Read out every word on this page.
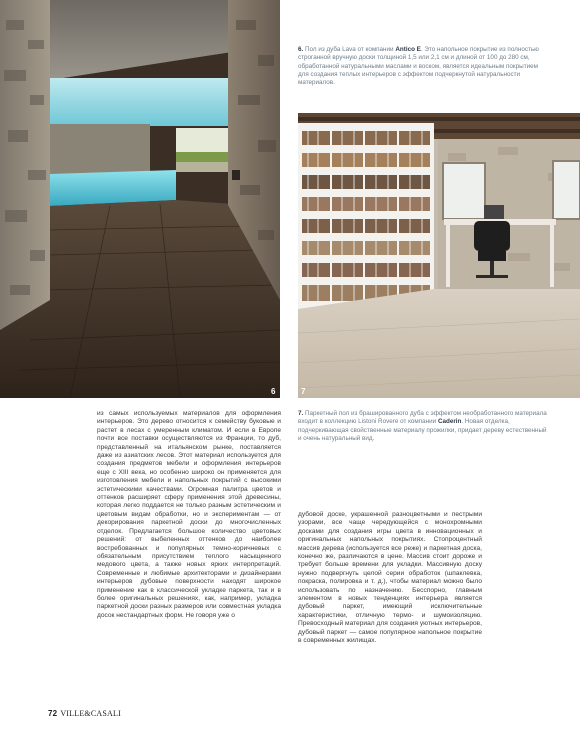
6
6. Пол из дуба Lava от компании Antico E. Это напольное покрытие из полностью строганной вручную доски толщиной 1,5 или 2,1 см и длиной от 100 до 280 см, обработанной натуральными маслами и воском, является идеальным покрытием для создания теплых интерьеров с эффектом подчеркнутой натуральности материалов.
7
7. Паркетный пол из брашированного дуба с эффектом необработанного материала входит в коллекцию Listoni Rovere от компании Caderin. Новая отделка, подчеркивающая свойственные материалу прожилки, придает дереву естественный и очень натуральный вид.

из самых используемых материалов для оформления интерьеров. Это дерево относится к семейству буковые и растет в лесах с умеренным климатом. И если в Европе почти все поставки осуществляются из Франции, то дуб, представленный на итальянском рынке, поставляется даже из азиатских лесов. Этот материал используется для создания предметов мебели и оформления интерьеров еще с XIII века, но особенно широко он применяется для изготовления мебели и напольных покрытий с высокими эстетическими качествами. Огромная палитра цветов и оттенков расширяет сферу применения этой древесины, которая легко поддается не только разным эстетическим и цветовым видам обработки, но и экспериментам — от декорирования паркетной доски до многочисленных отделок. Предлагается большое количество цветовых решений: от выбеленных оттенков до наиболее востребованных и популярных темно-коричневых с обязательным присутствием теплого насыщенного медового цвета, а также новых ярких интерпретаций. Современные и любимые архитекторами и дизайнерами интерьеров дубовые поверхности находят широкое применение как в классической укладке паркета, так и в более оригинальных решениях, как, например, укладка паркетной доски разных размеров или совместная укладка досок нестандартных форм. Не говоря уже о

дубовой доске, украшенной разноцветными и пестрыми узорами, все чаще чередующейся с монохромными досками для создания игры цвета в инновационных и оригинальных напольных покрытиях. Стопроцентный массив дерева (используется все реже) и паркетная доска, конечно же, различаются в цене. Массив стоит дороже и требует больше времени для укладки. Массивную доску нужно подвергнуть целой серии обработок (шпаклевка, покраска, полировка и т. д.), чтобы материал можно было использовать по назначению. Бесспорно, главным элементом в новых тенденциях интерьера является дубовый паркет, имеющий исключительные характеристики, отличную термо- и шумоизоляцию. Превосходный материал для создания уютных интерьеров, дубовый паркет — самое популярное напольное покрытие в современных жилищах.

72 VILLE&CASALI
